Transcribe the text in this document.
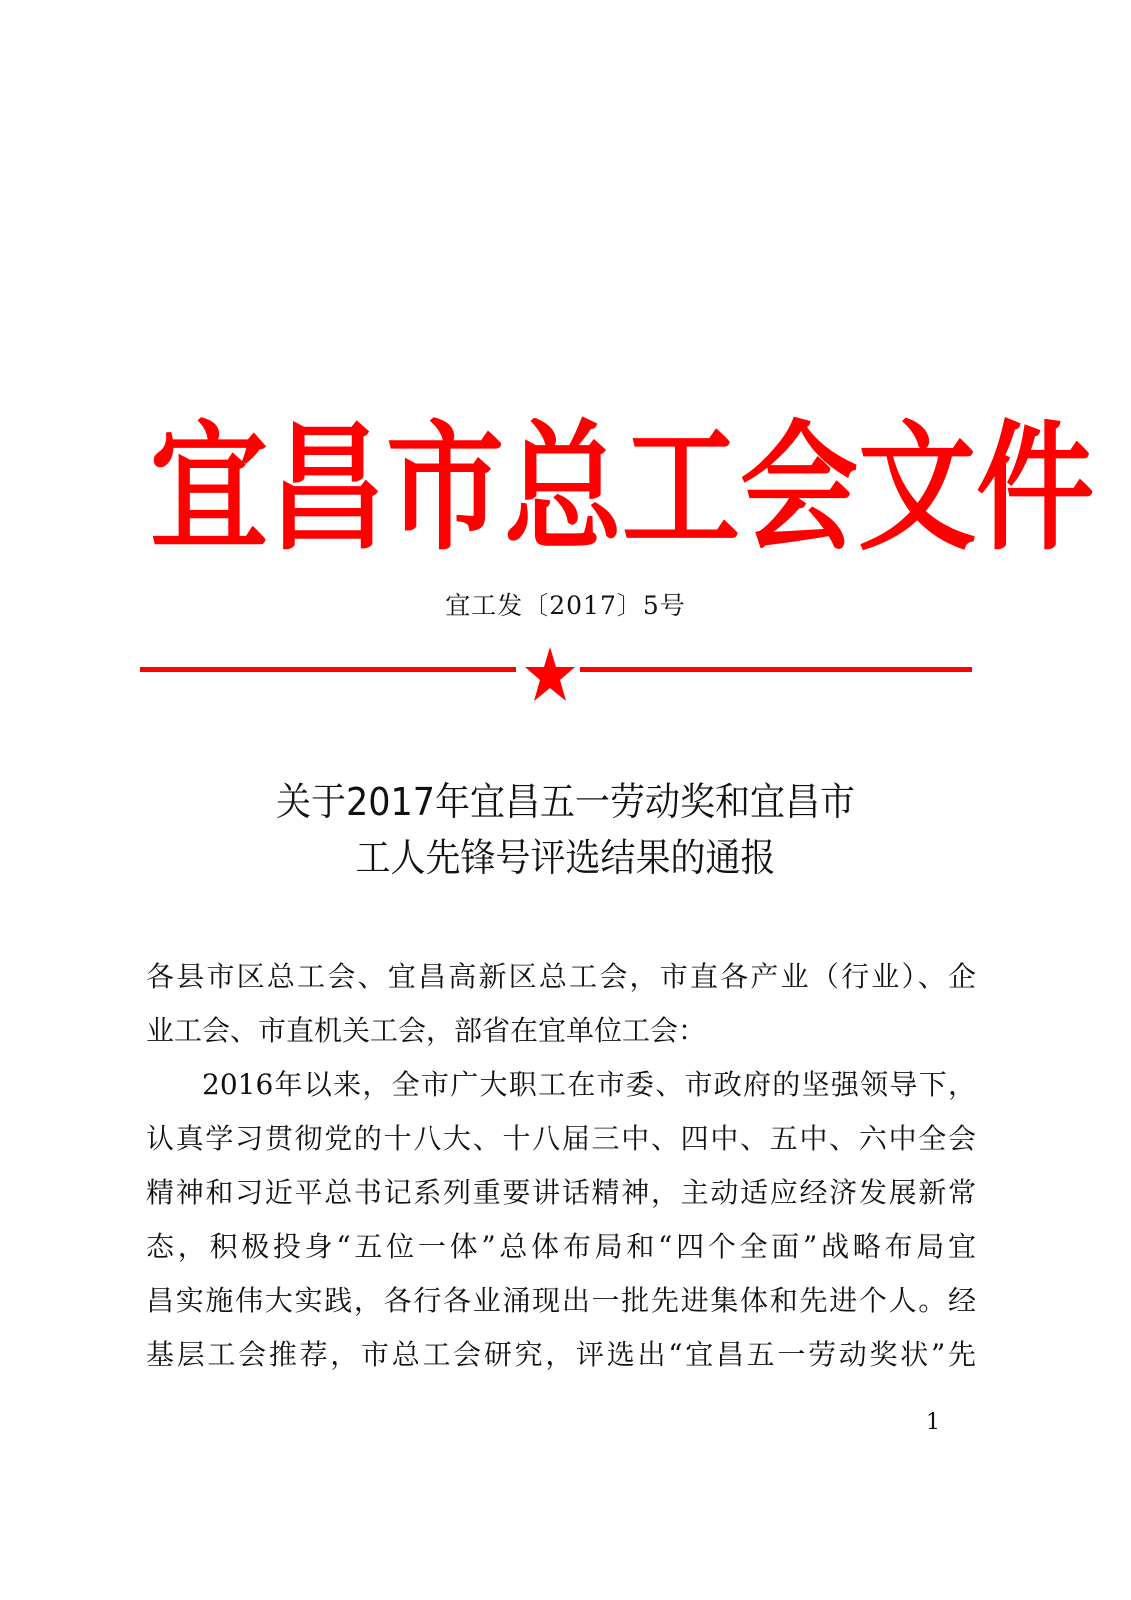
宜 昌 市 总 工 会 文 件
宜工发〔2017〕5号
关于2017年宜昌五一劳动奖和宜昌市
工人先锋号评选结果的通报
各县市区总工会、宜昌高新区总工会，市直各产业（行业）、企
业工会、市直机关工会，部省在宜单位工会：
2016年以来，全市广大职工在市委、市政府的坚强领导下，
认真学习贯彻党的十八大、十八届三中、四中、五中、六中全会
精神和习近平总书记系列重要讲话精神，主动适应经济发展新常
态，积极投身“五位一体”总体布局和“四个全面”战略布局宜
昌实施伟大实践，各行各业涌现出一批先进集体和先进个人。经
基层工会推荐，市总工会研究，评选出“宜昌五一劳动奖状”先
1
